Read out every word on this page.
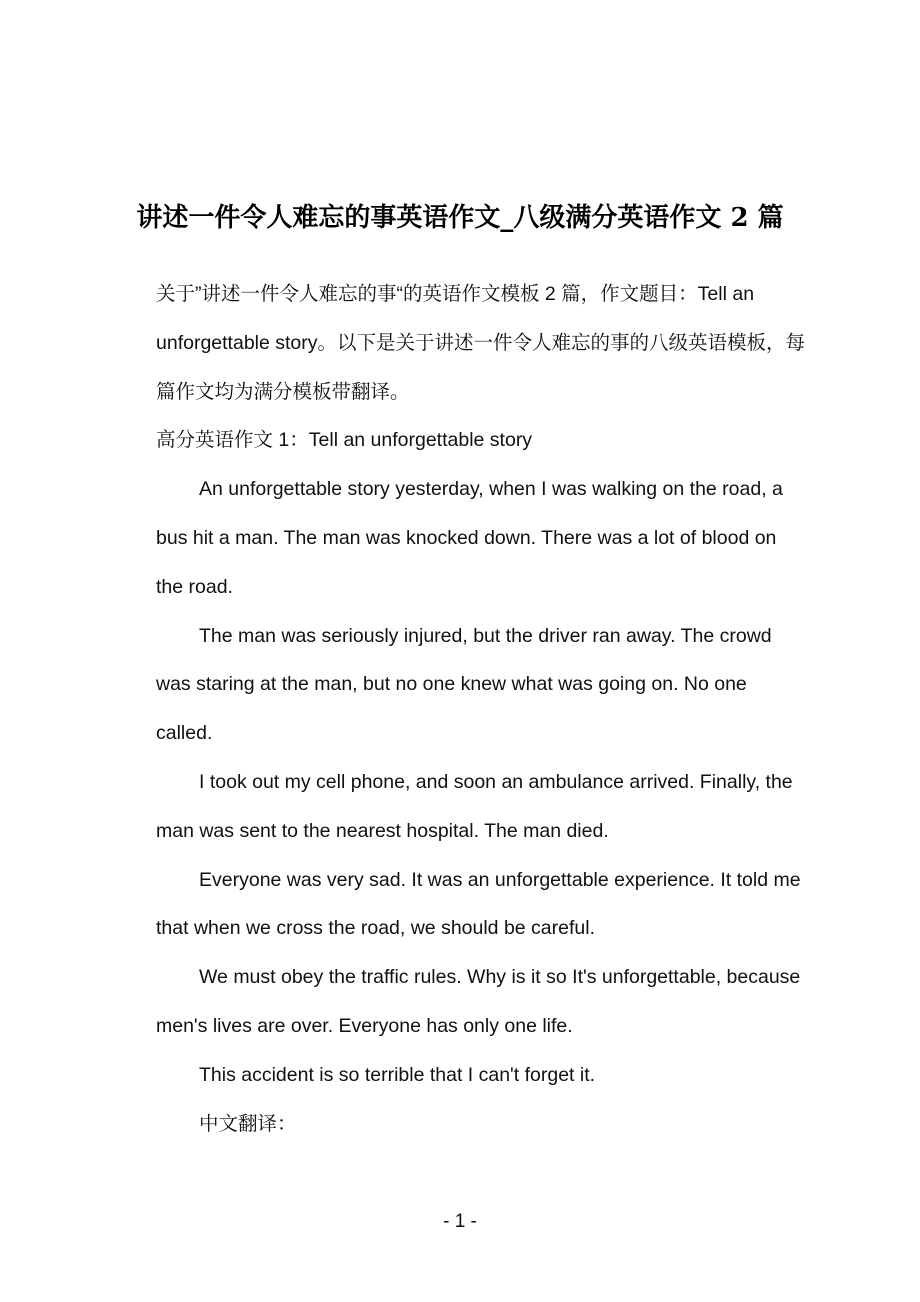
讲述一件令人难忘的事英语作文_八级满分英语作文 2 篇

关于”讲述一件令人难忘的事“的英语作文模板 2 篇，作文题目：Tell an unforgettable story。以下是关于讲述一件令人难忘的事的八级英语模板，每篇作文均为满分模板带翻译。

高分英语作文 1：Tell an unforgettable story

An unforgettable story yesterday, when I was walking on the road, a bus hit a man. The man was knocked down. There was a lot of blood on the road.

The man was seriously injured, but the driver ran away. The crowd was staring at the man, but no one knew what was going on. No one called.

I took out my cell phone, and soon an ambulance arrived. Finally, the man was sent to the nearest hospital. The man died.

Everyone was very sad. It was an unforgettable experience. It told me that when we cross the road, we should be careful.

We must obey the traffic rules. Why is it so It's unforgettable, because men's lives are over. Everyone has only one life.

This accident is so terrible that I can't forget it.

中文翻译：

- 1 -
